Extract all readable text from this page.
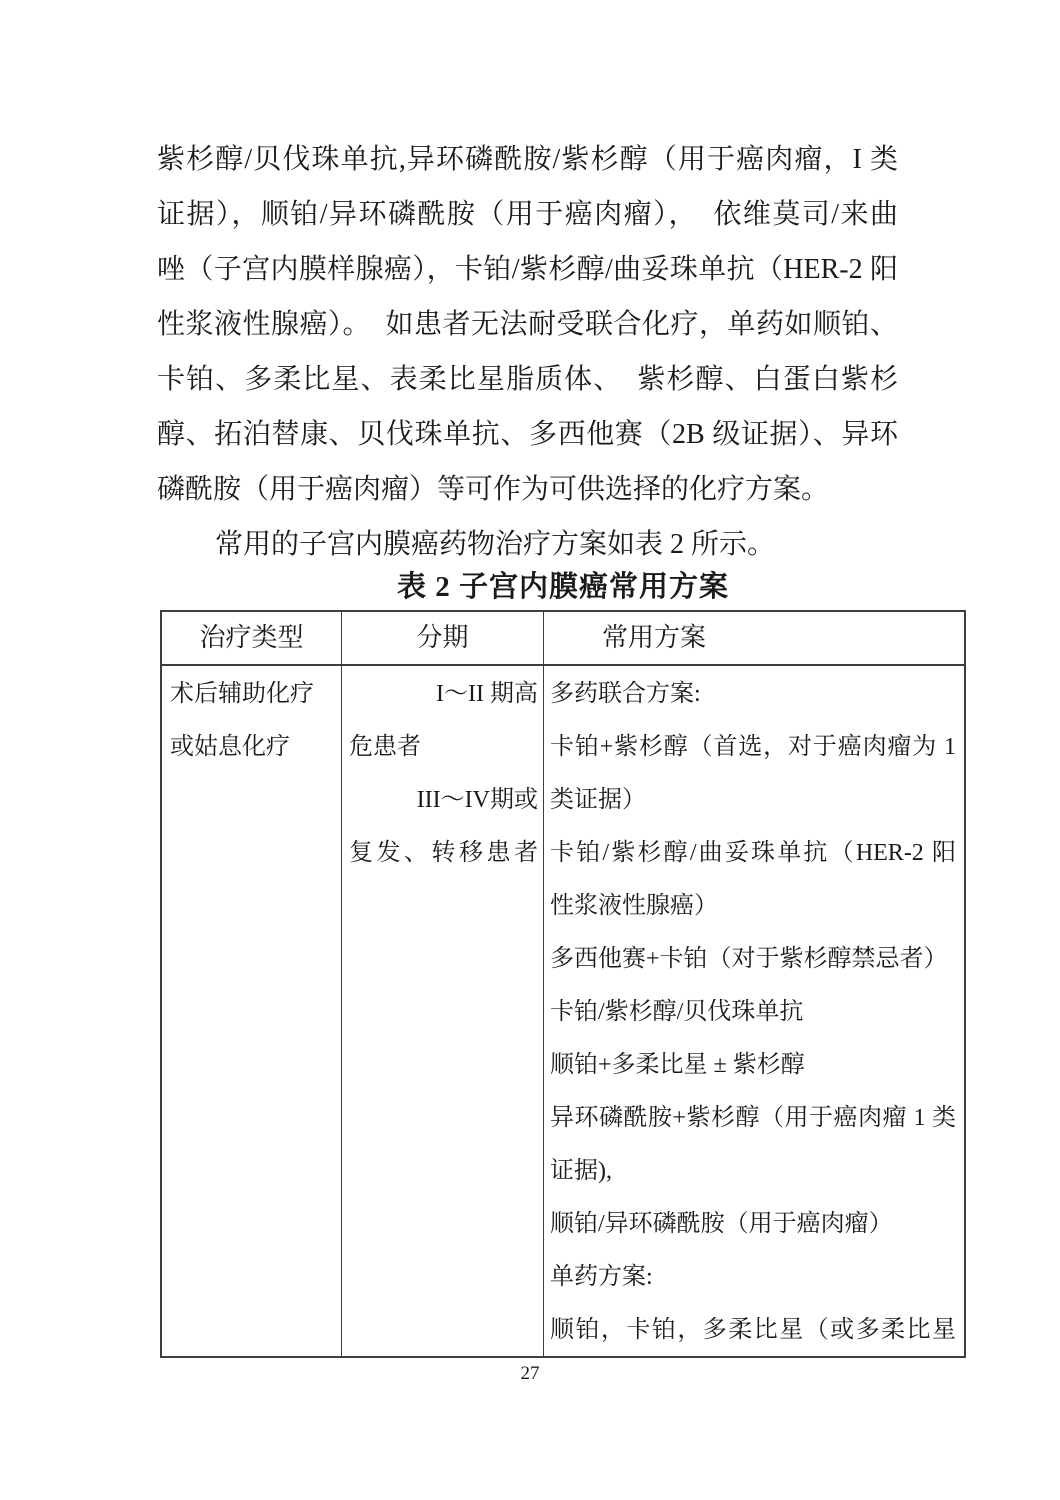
紫杉醇/贝伐珠单抗,异环磷酰胺/紫杉醇（用于癌肉瘤，I 类
证据），顺铂/异环磷酰胺（用于癌肉瘤），　依维莫司/来曲
唑（子宫内膜样腺癌），卡铂/紫杉醇/曲妥珠单抗（HER-2 阳
性浆液性腺癌）。　如患者无法耐受联合化疗，单药如顺铂、
卡铂、多柔比星、表柔比星脂质体、　紫杉醇、白蛋白紫杉
醇、拓泊替康、贝伐珠单抗、多西他赛（2B 级证据）、异环
磷酰胺（用于癌肉瘤）等可作为可供选择的化疗方案。
常用的子宫内膜癌药物治疗方案如表 2 所示。
表 2 子宫内膜癌常用方案
治疗类型	分期	常用方案
术后辅助化疗
或姑息化疗
I～II 期高
危患者
III～IV期或
复发、转移患者
多药联合方案:
卡铂+紫杉醇（首选，对于癌肉瘤为 1
类证据）
卡铂/紫杉醇/曲妥珠单抗（HER-2 阳
性浆液性腺癌）
多西他赛+卡铂（对于紫杉醇禁忌者）
卡铂/紫杉醇/贝伐珠单抗
顺铂+多柔比星 ± 紫杉醇
异环磷酰胺+紫杉醇（用于癌肉瘤 1 类
证据),
顺铂/异环磷酰胺（用于癌肉瘤）
单药方案:
顺铂，卡铂，多柔比星（或多柔比星
27
